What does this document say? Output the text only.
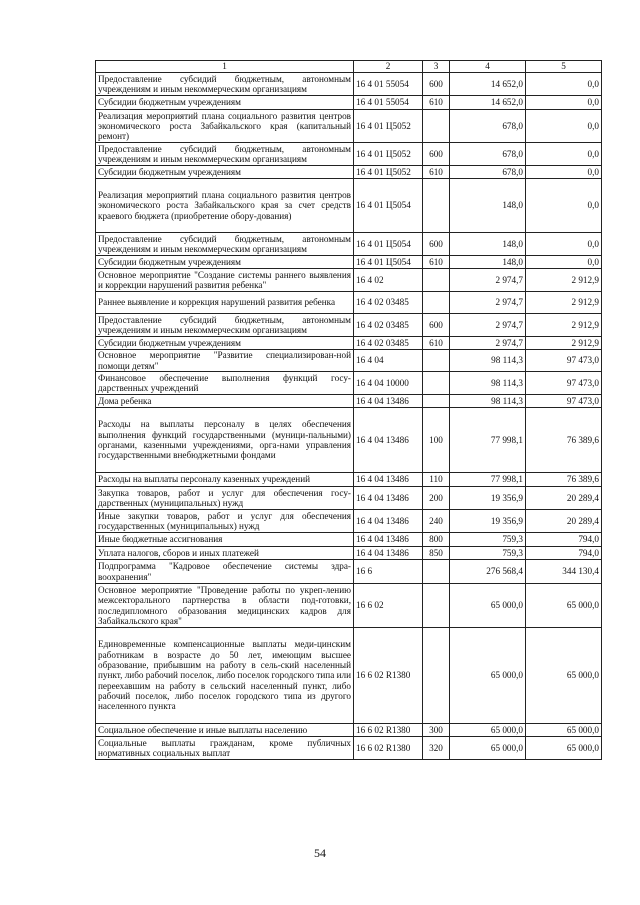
1	2	3	4	5
Предоставление субсидий бюджетным, автономным учреждениям и иным некоммерческим организациям	16 4 01 55054	600	14 652,0	0,0
Субсидии бюджетным учреждениям	16 4 01 55054	610	14 652,0	0,0
Реализация мероприятий плана социального развития центров экономического роста Забайкальского края (капитальный ремонт)	16 4 01 Ц5052		678,0	0,0
Предоставление субсидий бюджетным, автономным учреждениям и иным некоммерческим организациям	16 4 01 Ц5052	600	678,0	0,0
Субсидии бюджетным учреждениям	16 4 01 Ц5052	610	678,0	0,0
Реализация мероприятий плана социального развития центров экономического роста Забайкальского края за счет средств краевого бюджета (приобретение обору-дования)	16 4 01 Ц5054		148,0	0,0
Предоставление субсидий бюджетным, автономным учреждениям и иным некоммерческим организациям	16 4 01 Ц5054	600	148,0	0,0
Субсидии бюджетным учреждениям	16 4 01 Ц5054	610	148,0	0,0
Основное мероприятие "Создание системы раннего выявления и коррекции нарушений развития ребенка"	16 4 02		2 974,7	2 912,9
Раннее выявление и коррекция нарушений развития ребенка	16 4 02 03485		2 974,7	2 912,9
Предоставление субсидий бюджетным, автономным учреждениям и иным некоммерческим организациям	16 4 02 03485	600	2 974,7	2 912,9
Субсидии бюджетным учреждениям	16 4 02 03485	610	2 974,7	2 912,9
Основное мероприятие "Развитие специализирован-ной помощи детям"	16 4 04		98 114,3	97 473,0
Финансовое обеспечение выполнения функций госу-дарственных учреждений	16 4 04 10000		98 114,3	97 473,0
Дома ребенка	16 4 04 13486		98 114,3	97 473,0
Расходы на выплаты персоналу в целях обеспечения выполнения функций государственными (муници-пальными) органами, казенными учреждениями, орга-нами управления государственными внебюджетными фондами	16 4 04 13486	100	77 998,1	76 389,6
Расходы на выплаты персоналу казенных учреждений	16 4 04 13486	110	77 998,1	76 389,6
Закупка товаров, работ и услуг для обеспечения госу-дарственных (муниципальных) нужд	16 4 04 13486	200	19 356,9	20 289,4
Иные закупки товаров, работ и услуг для обеспечения государственных (муниципальных) нужд	16 4 04 13486	240	19 356,9	20 289,4
Иные бюджетные ассигнования	16 4 04 13486	800	759,3	794,0
Уплата налогов, сборов и иных платежей	16 4 04 13486	850	759,3	794,0
Подпрограмма "Кадровое обеспечение системы здра-воохранения"	16 6		276 568,4	344 130,4
Основное мероприятие "Проведение работы по укреп-лению межсекторального партнерства в области под-готовки, последипломного образования медицинских кадров для Забайкальского края"	16 6 02		65 000,0	65 000,0
Единовременные компенсационные выплаты меди-цинским работникам в возрасте до 50 лет, имеющим высшее образование, прибывшим на работу в сель-ский населенный пункт, либо рабочий поселок, либо поселок городского типа или переехавшим на работу в сельский населенный пункт, либо рабочий поселок, либо поселок городского типа из другого населенного пункта	16 6 02 R1380		65 000,0	65 000,0
Социальное обеспечение и иные выплаты населению	16 6 02 R1380	300	65 000,0	65 000,0
Социальные выплаты гражданам, кроме публичных нормативных социальных выплат	16 6 02 R1380	320	65 000,0	65 000,0
54
